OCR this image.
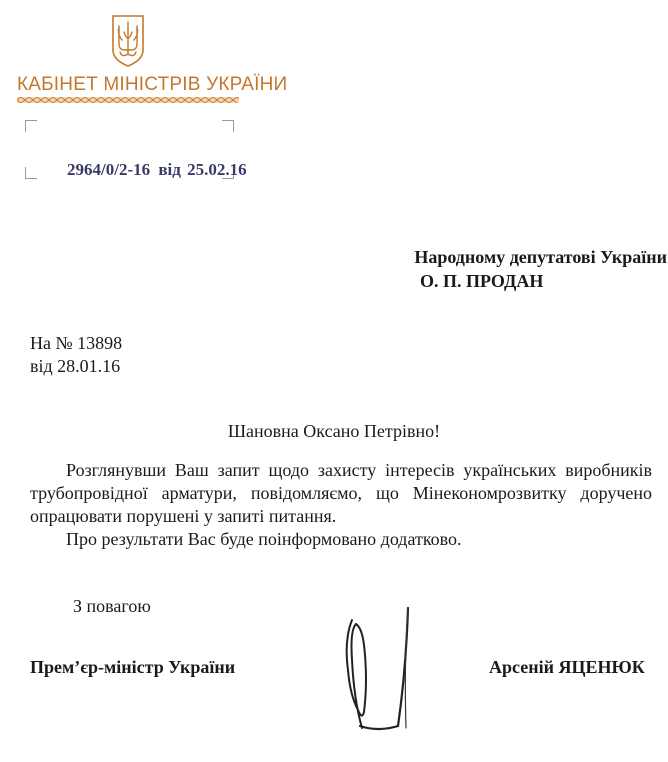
КАБІНЕТ МІНІСТРІВ УКРАЇНИ
2964/0/2-16 від 25.02.16
Народному депутатові України
О. П. ПРОДАН
На № 13898
від 28.01.16
Шановна Оксано Петрівно!

Розглянувши Ваш запит щодо захисту інтересів українських виробників трубопровідної арматури, повідомляємо, що Мінекономрозвитку доручено опрацювати порушені у запиті питання.

Про результати Вас буде поінформовано додатково.

З повагою
Прем’єр-міністр України	Арсеній ЯЦЕНЮК
